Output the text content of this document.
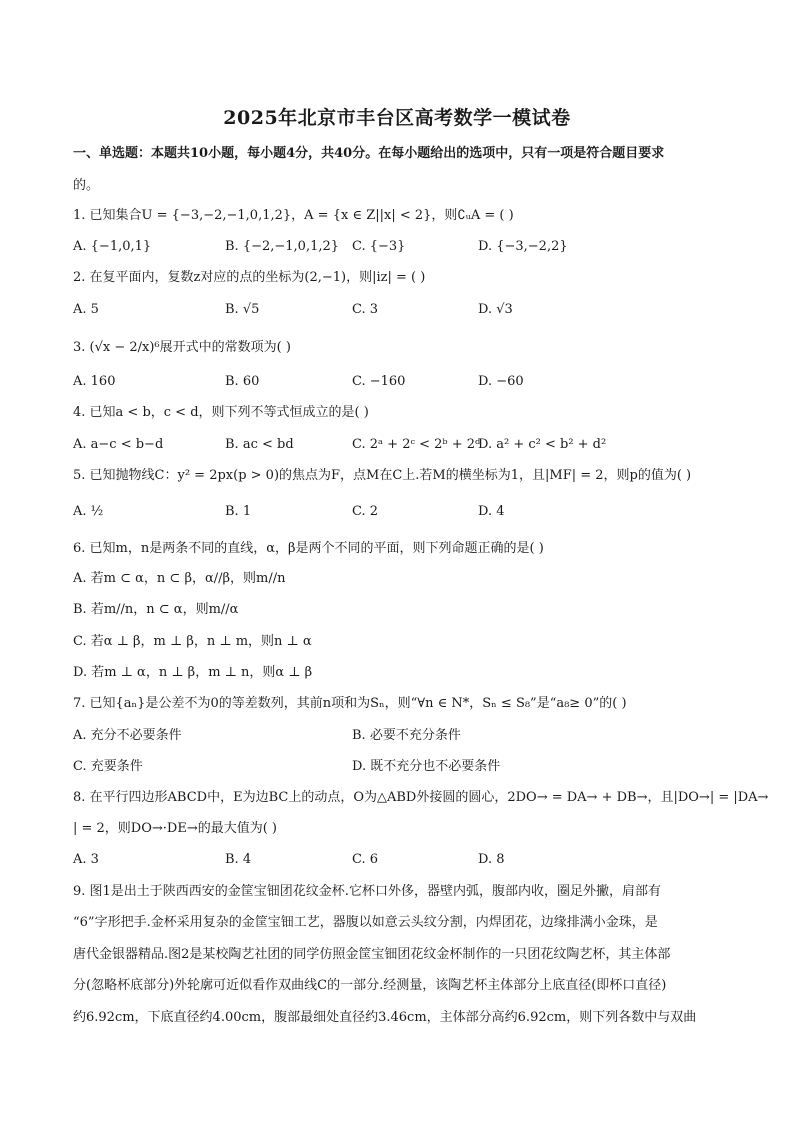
2025年北京市丰台区高考数学一模试卷
一、单选题：本题共10小题，每小题4分，共40分。在每小题给出的选项中，只有一项是符合题目要求
的。
1. 已知集合U = {−3,−2,−1,0,1,2}，A = {x ∈ Z||x| < 2}，则∁ᵤA = ( )
A. {−1,0,1}	B. {−2,−1,0,1,2} C. {−3}	D. {−3,−2,2}
2. 在复平面内，复数z对应的点的坐标为(2,−1)，则|iz| = ( )
A. 5	B. √5	C. 3	D. √3
3. (√x − 2/x)⁶展开式中的常数项为( )
A. 160	B. 60	C. −160	D. −60
4. 已知a < b，c < d，则下列不等式恒成立的是( )
A. a−c < b−d	B. ac < bd	C. 2ᵃ + 2ᶜ < 2ᵇ + 2ᵈ
D. a² + c² < b² + d²
5. 已知抛物线C：y² = 2px(p > 0)的焦点为F，点M在C上.若M的横坐标为1，且|MF| = 2，则p的值为( )
A. ½	B. 1	C. 2	D. 4
6. 已知m，n是两条不同的直线，α，β是两个不同的平面，则下列命题正确的是( )
A. 若m ⊂ α，n ⊂ β，α//β，则m//n
B. 若m//n，n ⊂ α，则m//α
C. 若α ⊥ β，m ⊥ β，n ⊥ m，则n ⊥ α
D. 若m ⊥ α，n ⊥ β，m ⊥ n，则α ⊥ β
7. 已知{aₙ}是公差不为0的等差数列，其前n项和为Sₙ，则“∀n ∈ N*，Sₙ ≤ S₈”是“a₈≥ 0”的( )
A. 充分不必要条件	B. 必要不充分条件
C. 充要条件	D. 既不充分也不必要条件
8. 在平行四边形ABCD中，E为边BC上的动点，O为△ABD外接圆的圆心，2DO→ = DA→ + DB→，且|DO→| = |DA→
| = 2，则DO→·DE→的最大值为( )
A. 3	B. 4	C. 6	D. 8
9. 图1是出土于陕西西安的金筐宝钿团花纹金杯.它杯口外侈，器壁内弧，腹部内收，圈足外撇，肩部有
“6”字形把手.金杯采用复杂的金筐宝钿工艺，器腹以如意云头纹分割，内焊团花，边缘排满小金珠，是
唐代金银器精品.图2是某校陶艺社团的同学仿照金筐宝钿团花纹金杯制作的一只团花纹陶艺杯，其主体部
分(忽略杯底部分)外轮廓可近似看作双曲线C的一部分.经测量，该陶艺杯主体部分上底直径(即杯口直径)
约6.92cm，下底直径约4.00cm，腹部最细处直径约3.46cm，主体部分高约6.92cm，则下列各数中与双曲
